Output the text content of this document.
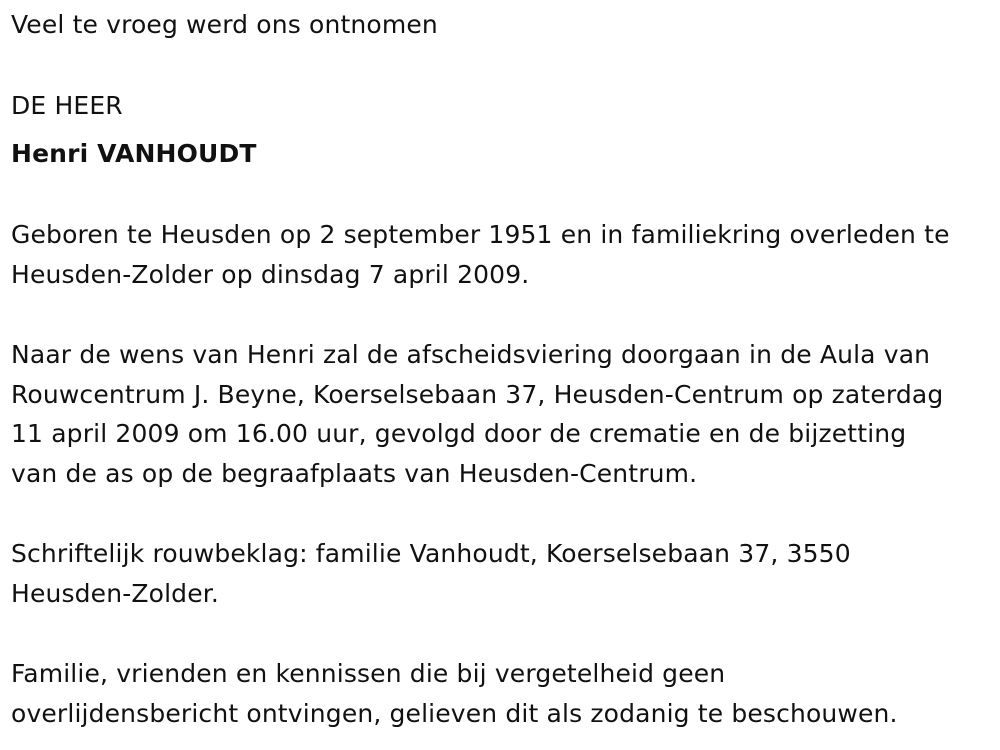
Veel te vroeg werd ons ontnomen
DE HEER
Henri VANHOUDT
Geboren te Heusden op 2 september 1951 en in familiekring overleden te
Heusden-Zolder op dinsdag 7 april 2009.
Naar de wens van Henri zal de afscheidsviering doorgaan in de Aula van
Rouwcentrum J. Beyne, Koerselsebaan 37, Heusden-Centrum op zaterdag
11 april 2009 om 16.00 uur, gevolgd door de crematie en de bijzetting
van de as op de begraafplaats van Heusden-Centrum.
Schriftelijk rouwbeklag: familie Vanhoudt, Koerselsebaan 37, 3550
Heusden-Zolder.
Familie, vrienden en kennissen die bij vergetelheid geen
overlijdensbericht ontvingen, gelieven dit als zodanig te beschouwen.
